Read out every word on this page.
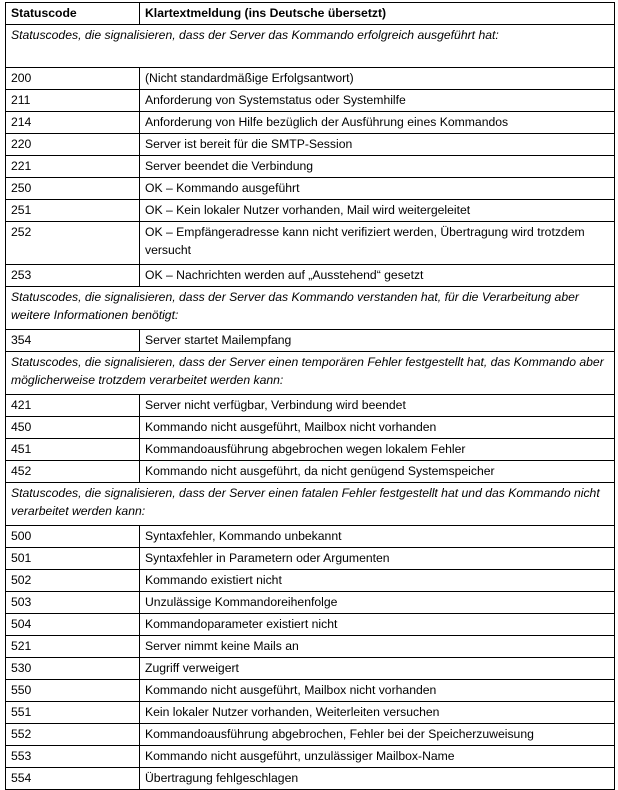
Statuscode	Klartextmeldung (ins Deutsche übersetzt)
Statuscodes, die signalisieren, dass der Server das Kommando erfolgreich ausgeführt hat:	
200	(Nicht standardmäßige Erfolgsantwort)
211	Anforderung von Systemstatus oder Systemhilfe
214	Anforderung von Hilfe bezüglich der Ausführung eines Kommandos
220	Server ist bereit für die SMTP-Session
221	Server beendet die Verbindung
250	OK – Kommando ausgeführt
251	OK – Kein lokaler Nutzer vorhanden, Mail wird weitergeleitet
252	OK – Empfängeradresse kann nicht verifiziert werden, Übertragung wird trotzdem versucht
253	OK – Nachrichten werden auf „Ausstehend“ gesetzt
Statuscodes, die signalisieren, dass der Server das Kommando verstanden hat, für die Verarbeitung aber weitere Informationen benötigt:	
354	Server startet Mailempfang
Statuscodes, die signalisieren, dass der Server einen temporären Fehler festgestellt hat, das Kommando aber möglicherweise trotzdem verarbeitet werden kann:	
421	Server nicht verfügbar, Verbindung wird beendet
450	Kommando nicht ausgeführt, Mailbox nicht vorhanden
451	Kommandoausführung abgebrochen wegen lokalem Fehler
452	Kommando nicht ausgeführt, da nicht genügend Systemspeicher
Statuscodes, die signalisieren, dass der Server einen fatalen Fehler festgestellt hat und das Kommando nicht verarbeitet werden kann:	
500	Syntaxfehler, Kommando unbekannt
501	Syntaxfehler in Parametern oder Argumenten
502	Kommando existiert nicht
503	Unzulässige Kommandoreihenfolge
504	Kommandoparameter existiert nicht
521	Server nimmt keine Mails an
530	Zugriff verweigert
550	Kommando nicht ausgeführt, Mailbox nicht vorhanden
551	Kein lokaler Nutzer vorhanden, Weiterleiten versuchen
552	Kommandoausführung abgebrochen, Fehler bei der Speicherzuweisung
553	Kommando nicht ausgeführt, unzulässiger Mailbox-Name
554	Übertragung fehlgeschlagen
